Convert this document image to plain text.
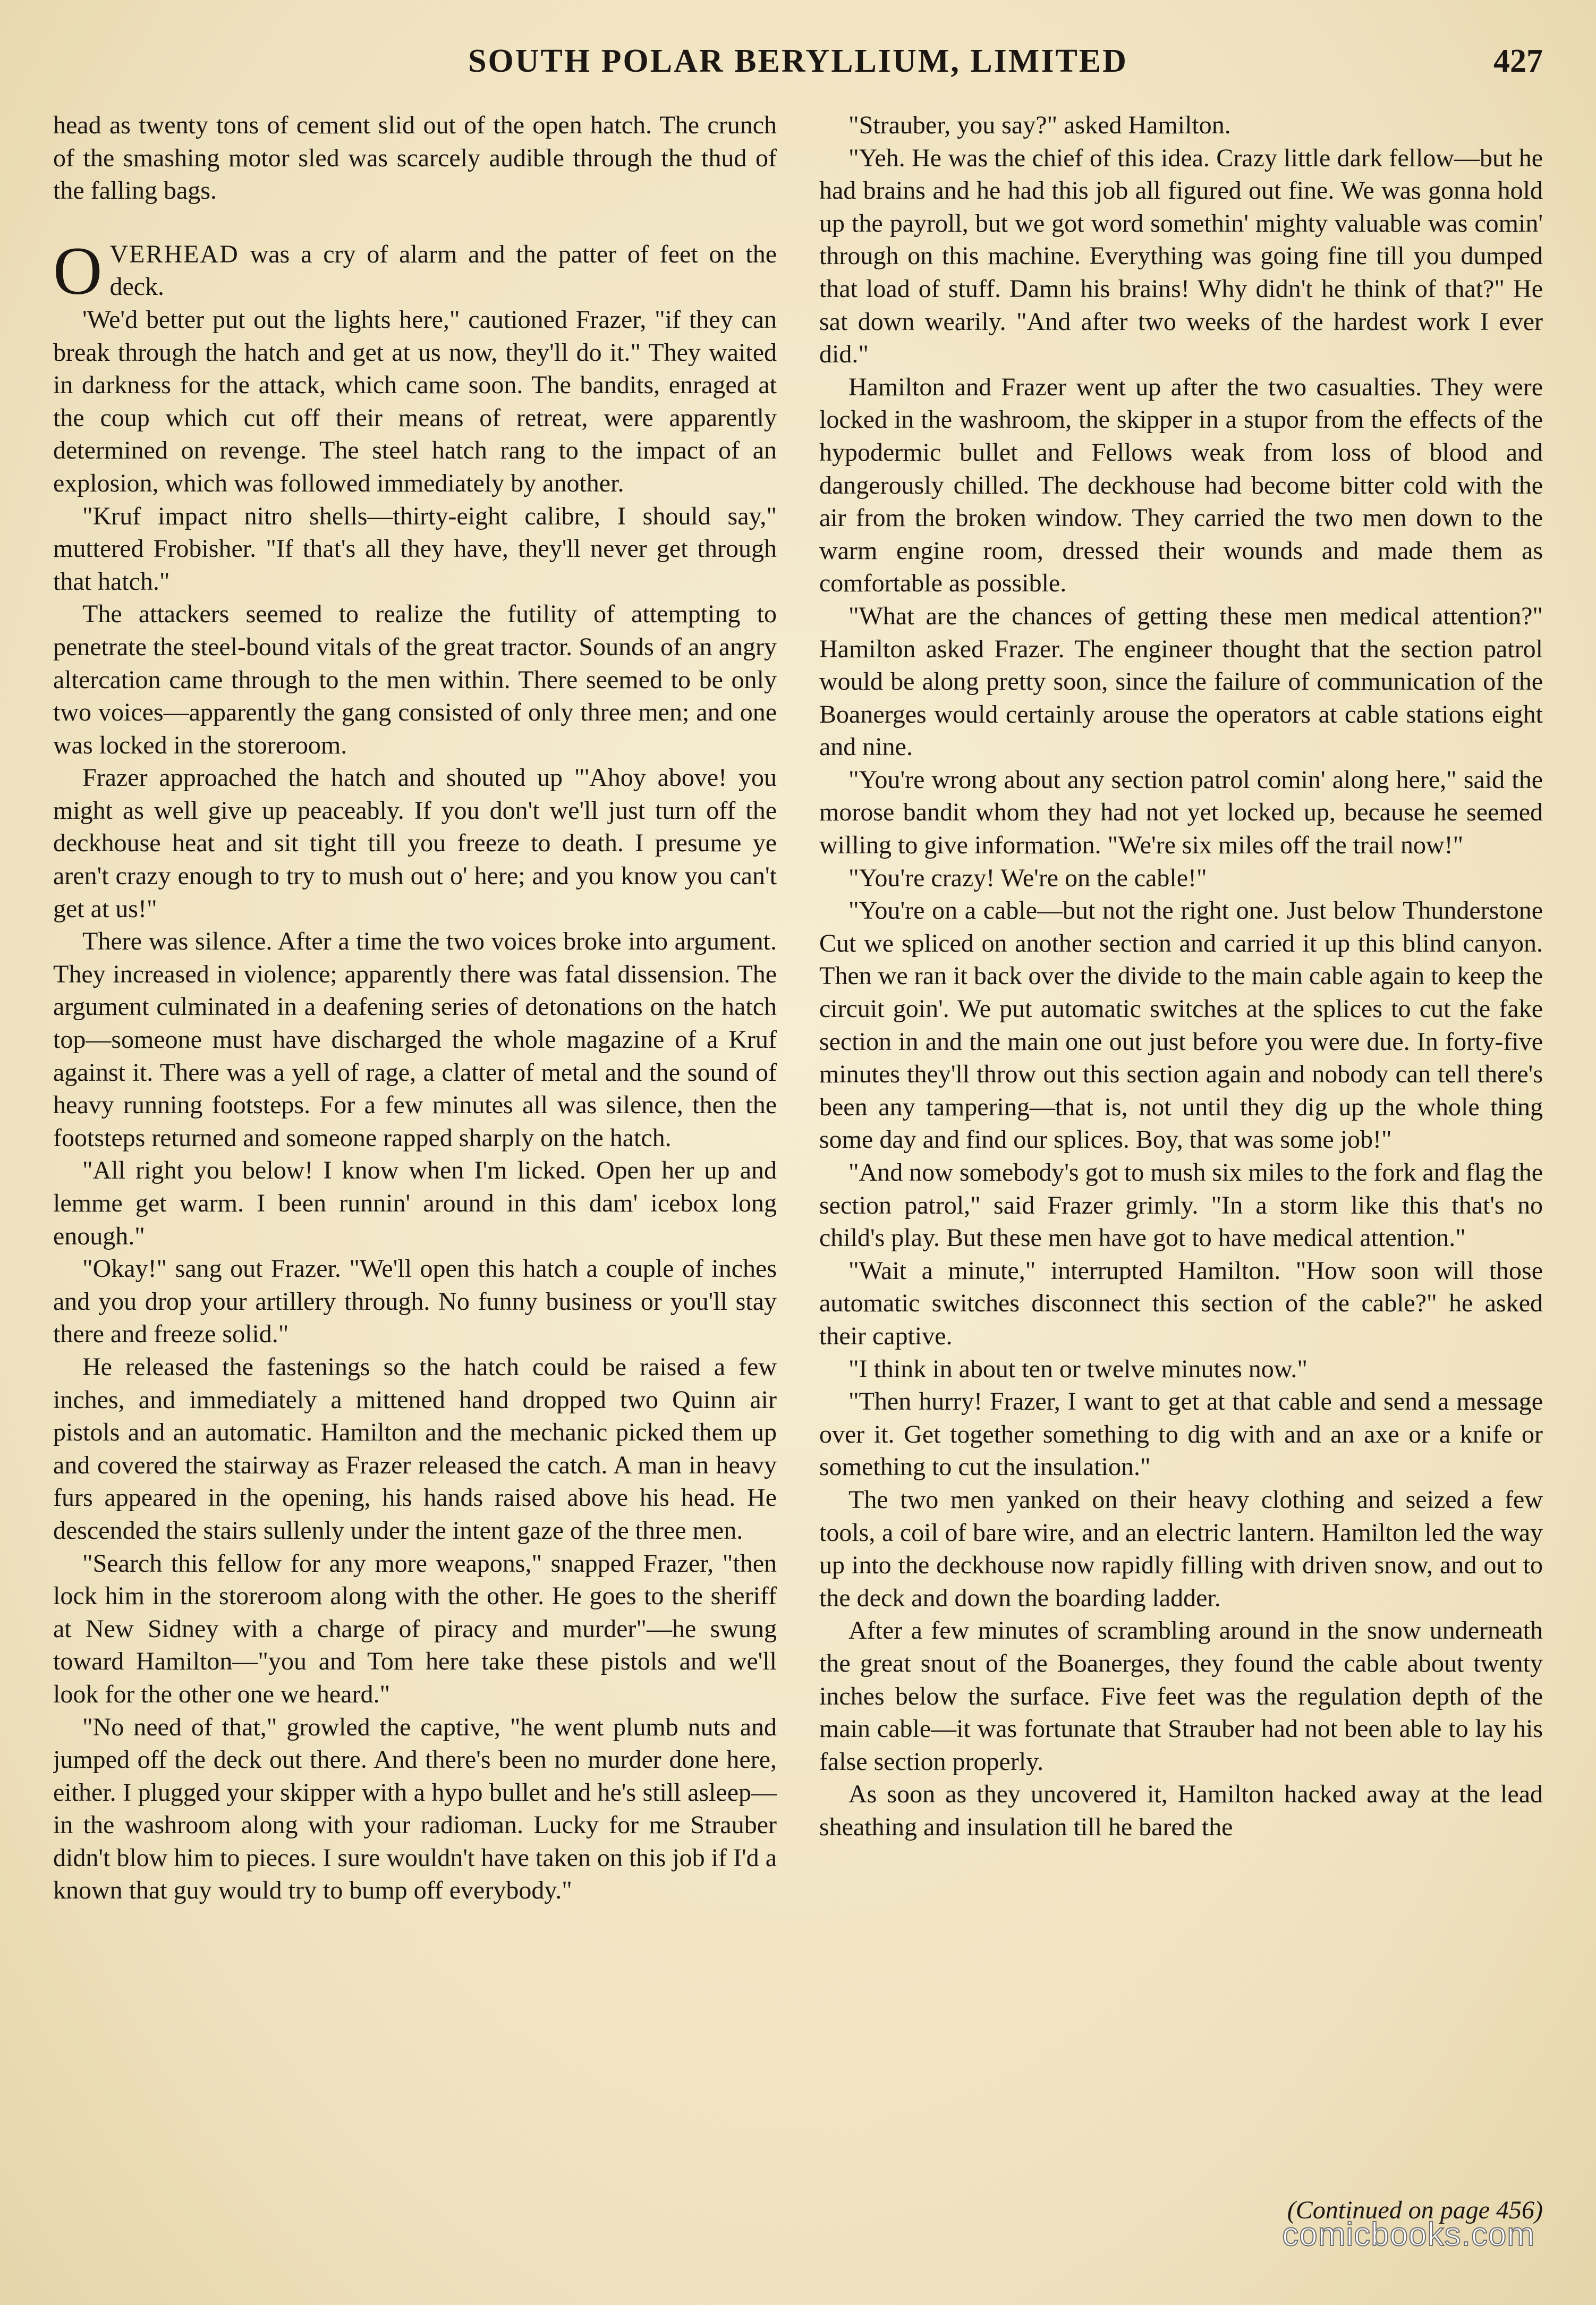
SOUTH POLAR BERYLLIUM, LIMITED	427

head as twenty tons of cement slid out of the open hatch. The crunch of the smashing motor sled was scarcely audible through the thud of the falling bags.

OVERHEAD was a cry of alarm and the patter of feet on the deck.

'We'd better put out the lights here," cautioned Frazer, "if they can break through the hatch and get at us now, they'll do it." They waited in darkness for the attack, which came soon. The bandits, enraged at the coup which cut off their means of retreat, were apparently determined on revenge. The steel hatch rang to the impact of an explosion, which was followed immediately by another.

"Kruf impact nitro shells—thirty-eight calibre, I should say," muttered Frobisher. "If that's all they have, they'll never get through that hatch."

The attackers seemed to realize the futility of attempting to penetrate the steel-bound vitals of the great tractor. Sounds of an angry altercation came through to the men within. There seemed to be only two voices—apparently the gang consisted of only three men; and one was locked in the storeroom.

Frazer approached the hatch and shouted up "'Ahoy above! you might as well give up peaceably. If you don't we'll just turn off the deckhouse heat and sit tight till you freeze to death. I presume ye aren't crazy enough to try to mush out o' here; and you know you can't get at us!"

There was silence. After a time the two voices broke into argument. They increased in violence; apparently there was fatal dissension. The argument culminated in a deafening series of detonations on the hatch top—someone must have discharged the whole magazine of a Kruf against it. There was a yell of rage, a clatter of metal and the sound of heavy running footsteps. For a few minutes all was silence, then the footsteps returned and someone rapped sharply on the hatch.

"All right you below! I know when I'm licked. Open her up and lemme get warm. I been runnin' around in this dam' icebox long enough."

"Okay!" sang out Frazer. "We'll open this hatch a couple of inches and you drop your artillery through. No funny business or you'll stay there and freeze solid."

He released the fastenings so the hatch could be raised a few inches, and immediately a mittened hand dropped two Quinn air pistols and an automatic. Hamilton and the mechanic picked them up and covered the stairway as Frazer released the catch. A man in heavy furs appeared in the opening, his hands raised above his head. He descended the stairs sullenly under the intent gaze of the three men.

"Search this fellow for any more weapons," snapped Frazer, "then lock him in the storeroom along with the other. He goes to the sheriff at New Sidney with a charge of piracy and murder"—he swung toward Hamilton—"you and Tom here take these pistols and we'll look for the other one we heard."

"No need of that," growled the captive, "he went plumb nuts and jumped off the deck out there. And there's been no murder done here, either. I plugged your skipper with a hypo bullet and he's still asleep—in the washroom along with your radioman. Lucky for me Strauber didn't blow him to pieces. I sure wouldn't have taken on this job if I'd a known that guy would try to bump off everybody."

"Strauber, you say?" asked Hamilton.

"Yeh. He was the chief of this idea. Crazy little dark fellow—but he had brains and he had this job all figured out fine. We was gonna hold up the payroll, but we got word somethin' mighty valuable was comin' through on this machine. Everything was going fine till you dumped that load of stuff. Damn his brains! Why didn't he think of that?" He sat down wearily. "And after two weeks of the hardest work I ever did."

Hamilton and Frazer went up after the two casualties. They were locked in the washroom, the skipper in a stupor from the effects of the hypodermic bullet and Fellows weak from loss of blood and dangerously chilled. The deckhouse had become bitter cold with the air from the broken window. They carried the two men down to the warm engine room, dressed their wounds and made them as comfortable as possible.

"What are the chances of getting these men medical attention?" Hamilton asked Frazer. The engineer thought that the section patrol would be along pretty soon, since the failure of communication of the Boanerges would certainly arouse the operators at cable stations eight and nine.

"You're wrong about any section patrol comin' along here," said the morose bandit whom they had not yet locked up, because he seemed willing to give information. "We're six miles off the trail now!"

"You're crazy! We're on the cable!"

"You're on a cable—but not the right one. Just below Thunderstone Cut we spliced on another section and carried it up this blind canyon. Then we ran it back over the divide to the main cable again to keep the circuit goin'. We put automatic switches at the splices to cut the fake section in and the main one out just before you were due. In forty-five minutes they'll throw out this section again and nobody can tell there's been any tampering—that is, not until they dig up the whole thing some day and find our splices. Boy, that was some job!"

"And now somebody's got to mush six miles to the fork and flag the section patrol," said Frazer grimly. "In a storm like this that's no child's play. But these men have got to have medical attention."

"Wait a minute," interrupted Hamilton. "How soon will those automatic switches disconnect this section of the cable?" he asked their captive.

"I think in about ten or twelve minutes now."

"Then hurry! Frazer, I want to get at that cable and send a message over it. Get together something to dig with and an axe or a knife or something to cut the insulation."

The two men yanked on their heavy clothing and seized a few tools, a coil of bare wire, and an electric lantern. Hamilton led the way up into the deckhouse now rapidly filling with driven snow, and out to the deck and down the boarding ladder.

After a few minutes of scrambling around in the snow underneath the great snout of the Boanerges, they found the cable about twenty inches below the surface. Five feet was the regulation depth of the main cable—it was fortunate that Strauber had not been able to lay his false section properly.

As soon as they uncovered it, Hamilton hacked away at the lead sheathing and insulation till he bared the

(Continued on page 456)
comicbooks.com
